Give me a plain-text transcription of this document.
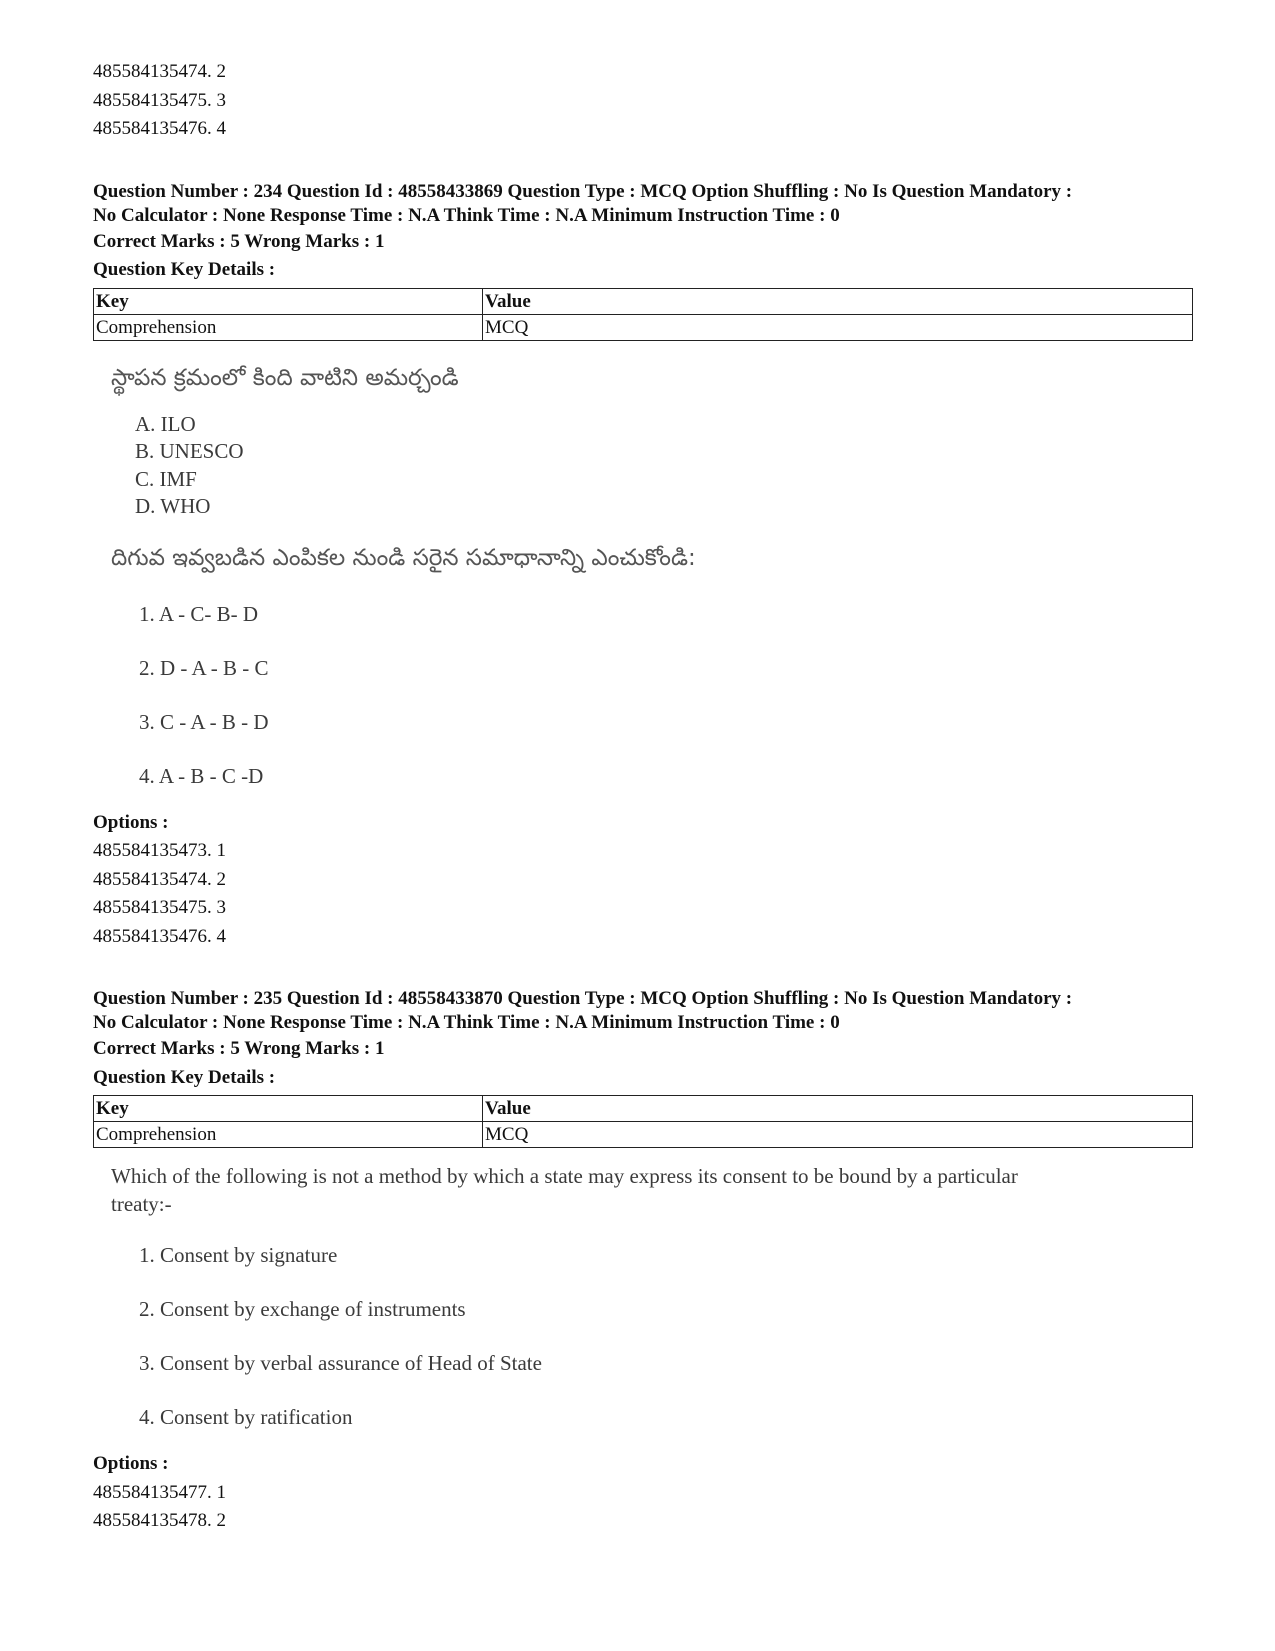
485584135474. 2
485584135475. 3
485584135476. 4
Question Number : 234 Question Id : 48558433869 Question Type : MCQ Option Shuffling : No Is Question Mandatory :
No Calculator : None Response Time : N.A Think Time : N.A Minimum Instruction Time : 0
Correct Marks : 5 Wrong Marks : 1
Question Key Details :
Key	Value
Comprehension	MCQ
స్థాపన క్రమంలో కింది వాటిని అమర్చండి
A. ILO
B. UNESCO
C. IMF
D. WHO
దిగువ ఇవ్వబడిన ఎంపికల నుండి సరైన సమాధానాన్ని ఎంచుకోండి:
1. A - C- B- D
2. D - A - B - C
3. C - A - B - D
4. A - B - C -D
Options :
485584135473. 1
485584135474. 2
485584135475. 3
485584135476. 4
Question Number : 235 Question Id : 48558433870 Question Type : MCQ Option Shuffling : No Is Question Mandatory :
No Calculator : None Response Time : N.A Think Time : N.A Minimum Instruction Time : 0
Correct Marks : 5 Wrong Marks : 1
Question Key Details :
Key	Value
Comprehension	MCQ
Which of the following is not a method by which a state may express its consent to be bound by a particular
treaty:-
1. Consent by signature
2. Consent by exchange of instruments
3. Consent by verbal assurance of Head of State
4. Consent by ratification
Options :
485584135477. 1
485584135478. 2
